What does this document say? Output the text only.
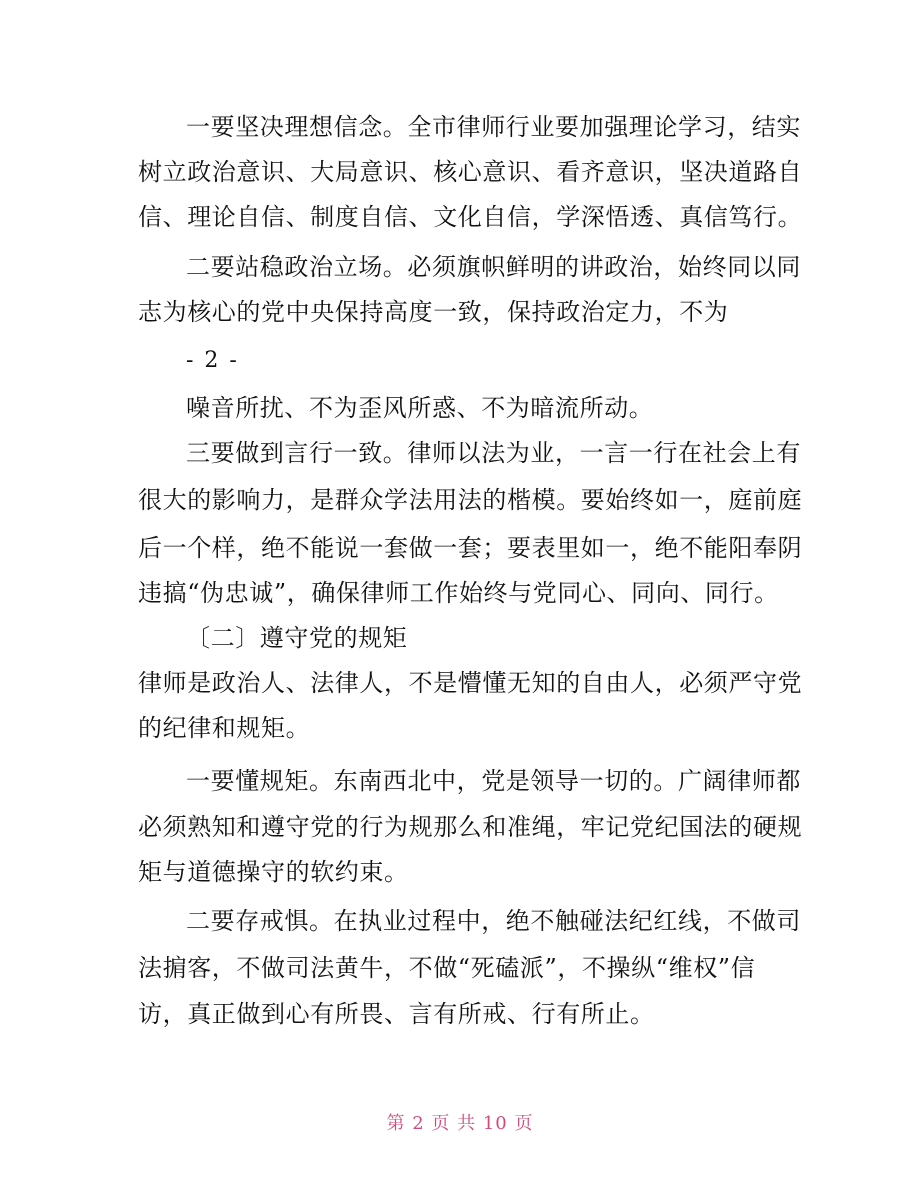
一要坚决理想信念。全市律师行业要加强理论学习，结实
树立政治意识、大局意识、核心意识、看齐意识，坚决道路自
信、理论自信、制度自信、文化自信，学深悟透、真信笃行。
二要站稳政治立场。必须旗帜鲜明的讲政治，始终同以同
志为核心的党中央保持高度一致，保持政治定力，不为
- 2 -
噪音所扰、不为歪风所惑、不为暗流所动。
三要做到言行一致。律师以法为业，一言一行在社会上有
很大的影响力，是群众学法用法的楷模。要始终如一，庭前庭
后一个样，绝不能说一套做一套；要表里如一，绝不能阳奉阴
违搞“伪忠诚”，确保律师工作始终与党同心、同向、同行。
〔二〕遵守党的规矩
律师是政治人、法律人，不是懵懂无知的自由人，必须严守党
的纪律和规矩。
一要懂规矩。东南西北中，党是领导一切的。广阔律师都
必须熟知和遵守党的行为规那么和准绳，牢记党纪国法的硬规
矩与道德操守的软约束。
二要存戒惧。在执业过程中，绝不触碰法纪红线，不做司
法掮客，不做司法黄牛，不做“死磕派”，不操纵“维权”信
访，真正做到心有所畏、言有所戒、行有所止。
第 2 页 共 10 页
